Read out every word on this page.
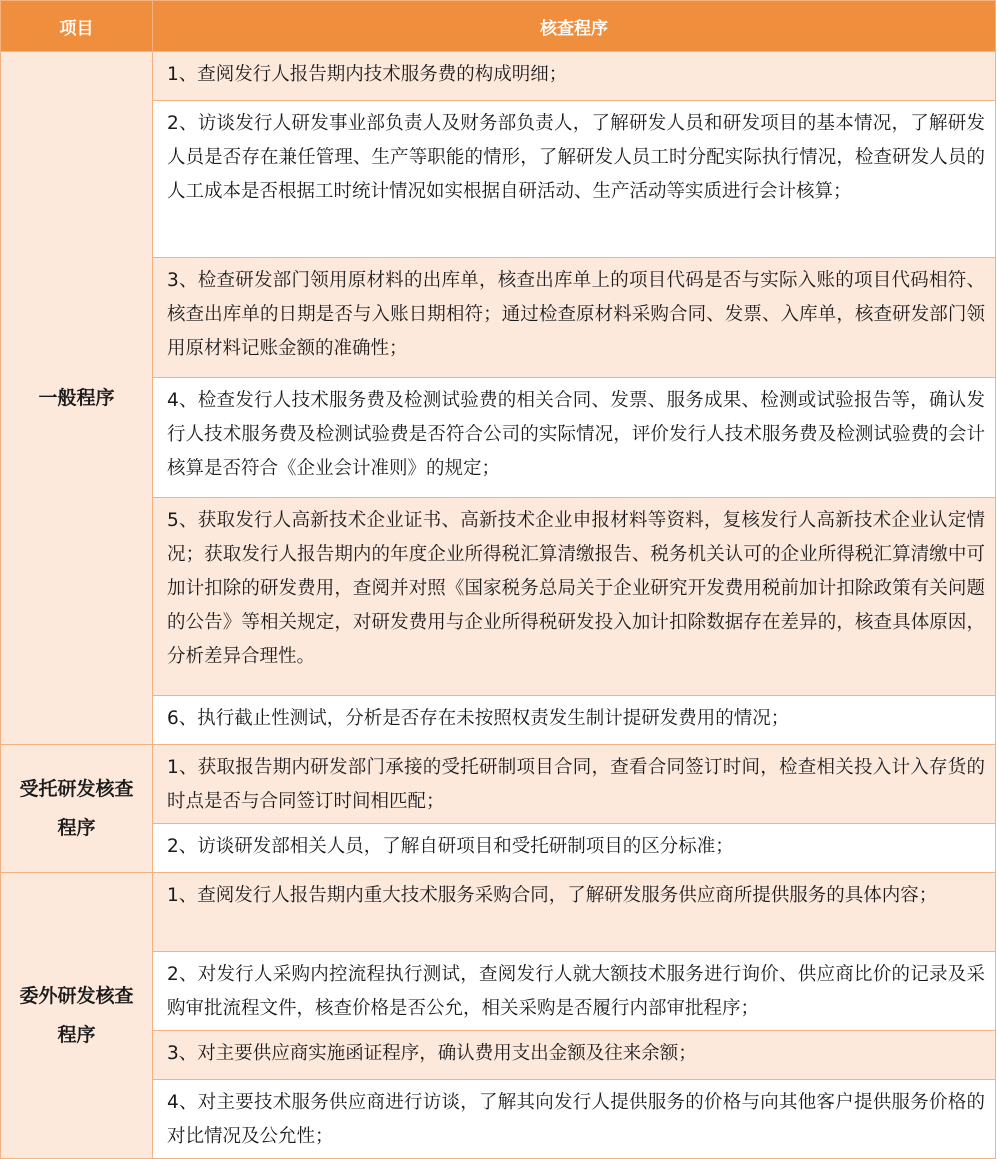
项目	核查程序
一般程序	1、查阅发行人报告期内技术服务费的构成明细；
	2、访谈发行人研发事业部负责人及财务部负责人，了解研发人员和研发项目的基本情况，了解研发人员是否存在兼任管理、生产等职能的情形，了解研发人员工时分配实际执行情况，检查研发人员的人工成本是否根据工时统计情况如实根据自研活动、生产活动等实质进行会计核算；
	3、检查研发部门领用原材料的出库单，核查出库单上的项目代码是否与实际入账的项目代码相符、核查出库单的日期是否与入账日期相符；通过检查原材料采购合同、发票、入库单，核查研发部门领用原材料记账金额的准确性；
	4、检查发行人技术服务费及检测试验费的相关合同、发票、服务成果、检测或试验报告等，确认发行人技术服务费及检测试验费是否符合公司的实际情况，评价发行人技术服务费及检测试验费的会计核算是否符合《企业会计准则》的规定；
	5、获取发行人高新技术企业证书、高新技术企业申报材料等资料，复核发行人高新技术企业认定情况；获取发行人报告期内的年度企业所得税汇算清缴报告、税务机关认可的企业所得税汇算清缴中可加计扣除的研发费用，查阅并对照《国家税务总局关于企业研究开发费用税前加计扣除政策有关问题的公告》等相关规定，对研发费用与企业所得税研发投入加计扣除数据存在差异的，核查具体原因，分析差异合理性。
	6、执行截止性测试，分析是否存在未按照权责发生制计提研发费用的情况；
受托研发核查程序	1、获取报告期内研发部门承接的受托研制项目合同，查看合同签订时间，检查相关投入计入存货的时点是否与合同签订时间相匹配；
	2、访谈研发部相关人员，了解自研项目和受托研制项目的区分标准；
委外研发核查程序	1、查阅发行人报告期内重大技术服务采购合同，了解研发服务供应商所提供服务的具体内容；
	2、对发行人采购内控流程执行测试，查阅发行人就大额技术服务进行询价、供应商比价的记录及采购审批流程文件，核查价格是否公允，相关采购是否履行内部审批程序；
	3、对主要供应商实施函证程序，确认费用支出金额及往来余额；
	4、对主要技术服务供应商进行访谈，了解其向发行人提供服务的价格与向其他客户提供服务价格的对比情况及公允性；
